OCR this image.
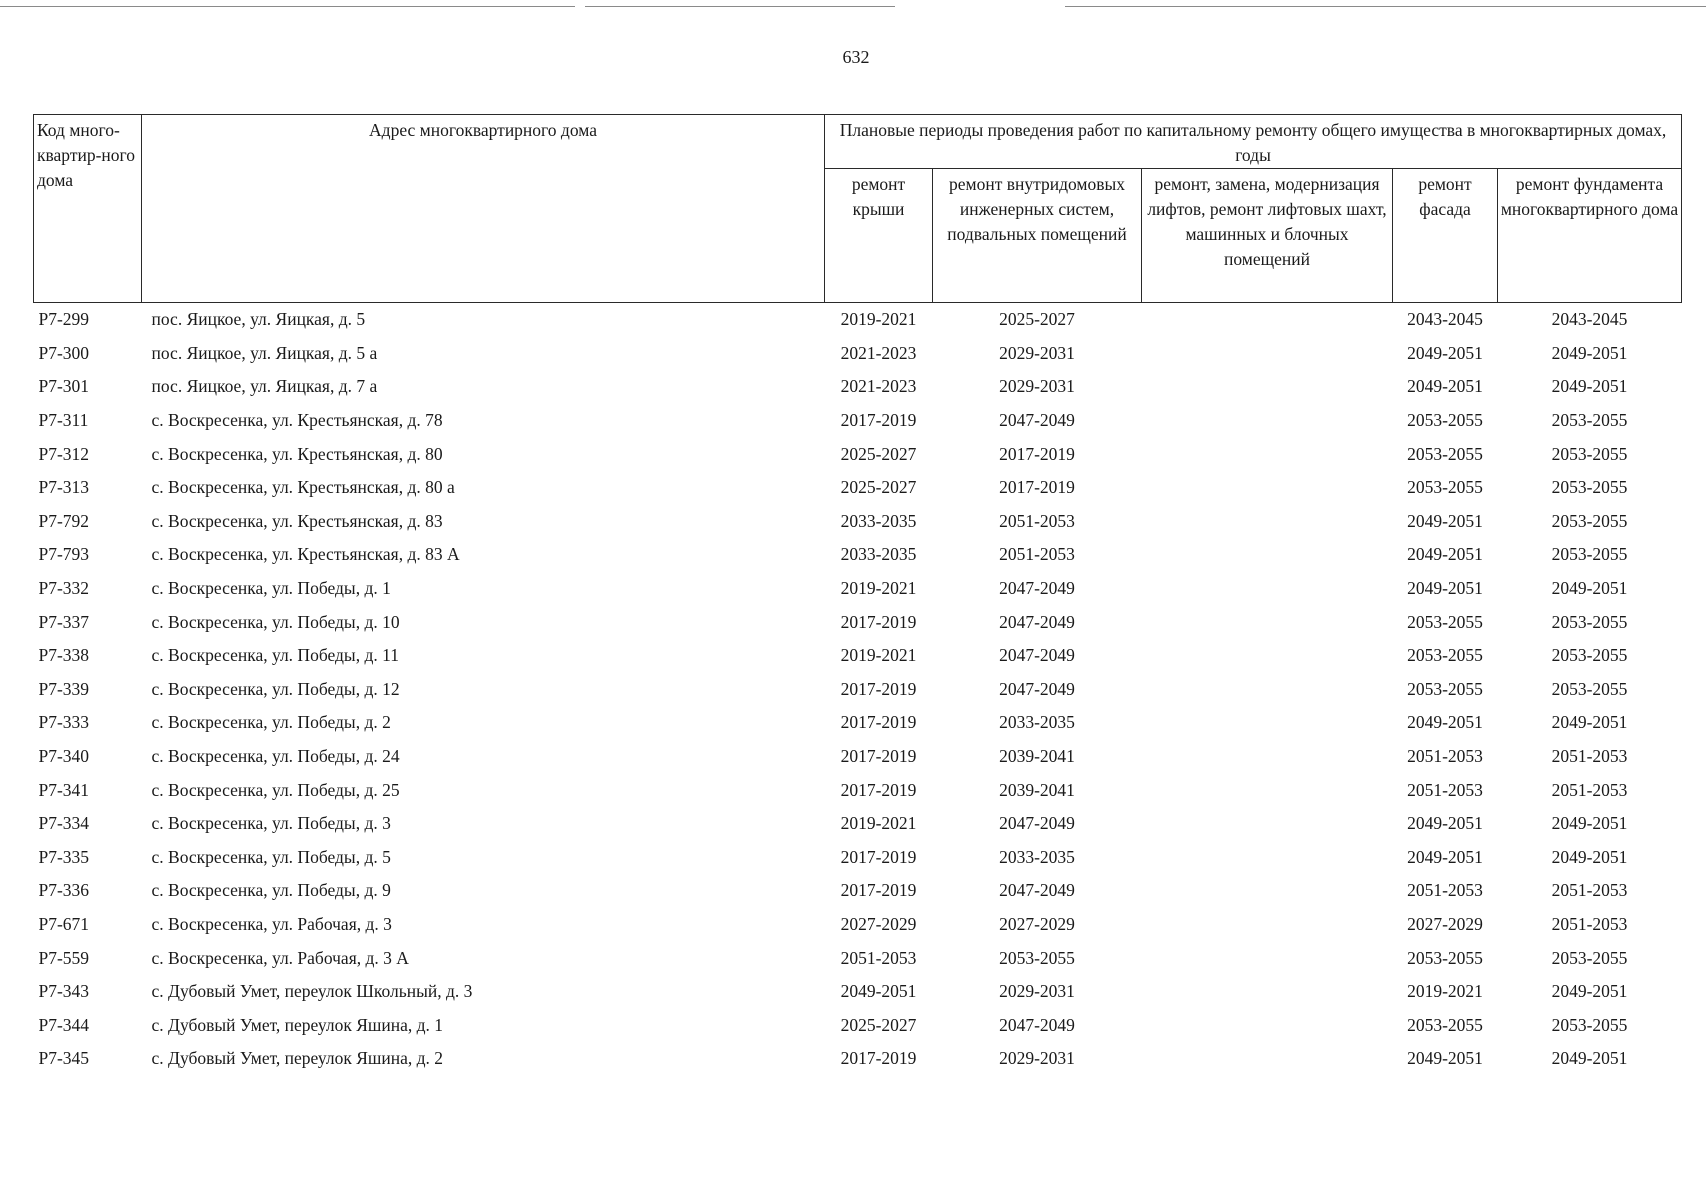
632
Код много-квартир-ного дома	Адрес многоквартирного дома	Плановые периоды проведения работ по капитальному ремонту общего имущества в многоквартирных домах, годы				
		ремонт крыши	ремонт внутридомовых инженерных систем, подвальных помещений	ремонт, замена, модернизация лифтов, ремонт лифтовых шахт, машинных и блочных помещений	ремонт фасада	ремонт фундамента многоквартирного дома
Р7-299	пос. Яицкое, ул. Яицкая, д. 5	2019-2021	2025-2027		2043-2045	2043-2045
Р7-300	пос. Яицкое, ул. Яицкая, д. 5 а	2021-2023	2029-2031		2049-2051	2049-2051
Р7-301	пос. Яицкое, ул. Яицкая, д. 7 а	2021-2023	2029-2031		2049-2051	2049-2051
Р7-311	с. Воскресенка, ул. Крестьянская, д. 78	2017-2019	2047-2049		2053-2055	2053-2055
Р7-312	с. Воскресенка, ул. Крестьянская, д. 80	2025-2027	2017-2019		2053-2055	2053-2055
Р7-313	с. Воскресенка, ул. Крестьянская, д. 80 а	2025-2027	2017-2019		2053-2055	2053-2055
Р7-792	с. Воскресенка, ул. Крестьянская, д. 83	2033-2035	2051-2053		2049-2051	2053-2055
Р7-793	с. Воскресенка, ул. Крестьянская, д. 83 А	2033-2035	2051-2053		2049-2051	2053-2055
Р7-332	с. Воскресенка, ул. Победы, д. 1	2019-2021	2047-2049		2049-2051	2049-2051
Р7-337	с. Воскресенка, ул. Победы, д. 10	2017-2019	2047-2049		2053-2055	2053-2055
Р7-338	с. Воскресенка, ул. Победы, д. 11	2019-2021	2047-2049		2053-2055	2053-2055
Р7-339	с. Воскресенка, ул. Победы, д. 12	2017-2019	2047-2049		2053-2055	2053-2055
Р7-333	с. Воскресенка, ул. Победы, д. 2	2017-2019	2033-2035		2049-2051	2049-2051
Р7-340	с. Воскресенка, ул. Победы, д. 24	2017-2019	2039-2041		2051-2053	2051-2053
Р7-341	с. Воскресенка, ул. Победы, д. 25	2017-2019	2039-2041		2051-2053	2051-2053
Р7-334	с. Воскресенка, ул. Победы, д. 3	2019-2021	2047-2049		2049-2051	2049-2051
Р7-335	с. Воскресенка, ул. Победы, д. 5	2017-2019	2033-2035		2049-2051	2049-2051
Р7-336	с. Воскресенка, ул. Победы, д. 9	2017-2019	2047-2049		2051-2053	2051-2053
Р7-671	с. Воскресенка, ул. Рабочая, д. 3	2027-2029	2027-2029		2027-2029	2051-2053
Р7-559	с. Воскресенка, ул. Рабочая, д. 3 А	2051-2053	2053-2055		2053-2055	2053-2055
Р7-343	с. Дубовый Умет, переулок Школьный, д. 3	2049-2051	2029-2031		2019-2021	2049-2051
Р7-344	с. Дубовый Умет, переулок Яшина, д. 1	2025-2027	2047-2049		2053-2055	2053-2055
Р7-345	с. Дубовый Умет, переулок Яшина, д. 2	2017-2019	2029-2031		2049-2051	2049-2051
